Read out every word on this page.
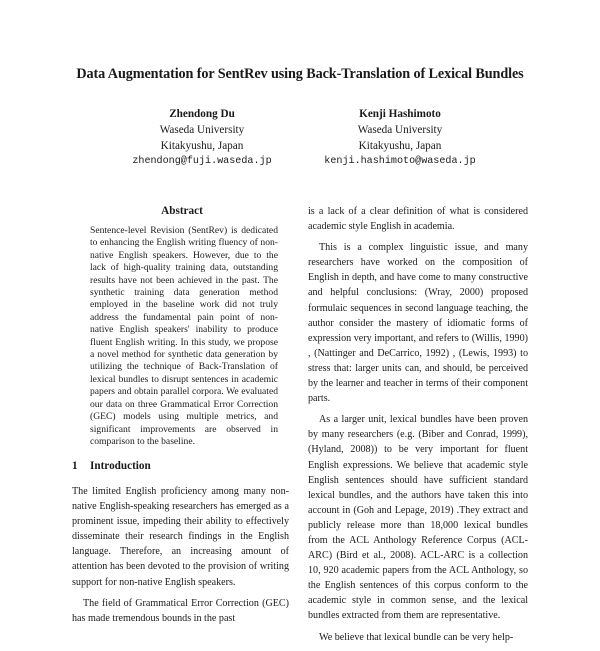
Data Augmentation for SentRev using Back-Translation of Lexical Bundles
Zhendong Du
Waseda University
Kitakyushu, Japan
zhendong@fuji.waseda.jp
Kenji Hashimoto
Waseda University
Kitakyushu, Japan
kenji.hashimoto@waseda.jp
Abstract
Sentence-level Revision (SentRev) is dedicated to enhancing the English writing fluency of non-native English speakers. However, due to the lack of high-quality training data, outstanding results have not been achieved in the past. The synthetic training data generation method employed in the baseline work did not truly address the fundamental pain point of non-native English speakers' inability to produce fluent English writing. In this study, we propose a novel method for synthetic data generation by utilizing the technique of Back-Translation of lexical bundles to disrupt sentences in academic papers and obtain parallel corpora. We evaluated our data on three Grammatical Error Correction (GEC) models using multiple metrics, and significant improvements are observed in comparison to the baseline.
1 Introduction

The limited English proficiency among many non-native English-speaking researchers has emerged as a prominent issue, impeding their ability to effectively disseminate their research findings in the English language. Therefore, an increasing amount of attention has been devoted to the provision of writing support for non-native English speakers.

The field of Grammatical Error Correction (GEC) has made tremendous bounds in the past

is a lack of a clear definition of what is considered academic style English in academia.

This is a complex linguistic issue, and many researchers have worked on the composition of English in depth, and have come to many constructive and helpful conclusions: (Wray, 2000) proposed formulaic sequences in second language teaching, the author consider the mastery of idiomatic forms of expression very important, and refers to (Willis, 1990) , (Nattinger and DeCarrico, 1992) , (Lewis, 1993) to stress that: larger units can, and should, be perceived by the learner and teacher in terms of their component parts.

As a larger unit, lexical bundles have been proven by many researchers (e.g. (Biber and Conrad, 1999), (Hyland, 2008)) to be very important for fluent English expressions. We believe that academic style English sentences should have sufficient standard lexical bundles, and the authors have taken this into account in (Goh and Lepage, 2019) .They extract and publicly release more than 18,000 lexical bundles from the ACL Anthology Reference Corpus (ACL-ARC) (Bird et al., 2008). ACL-ARC is a collection 10, 920 academic papers from the ACL Anthology, so the English sentences of this corpus conform to the academic style in common sense, and the lexical bundles extracted from them are representative.

We believe that lexical bundle can be very help-
